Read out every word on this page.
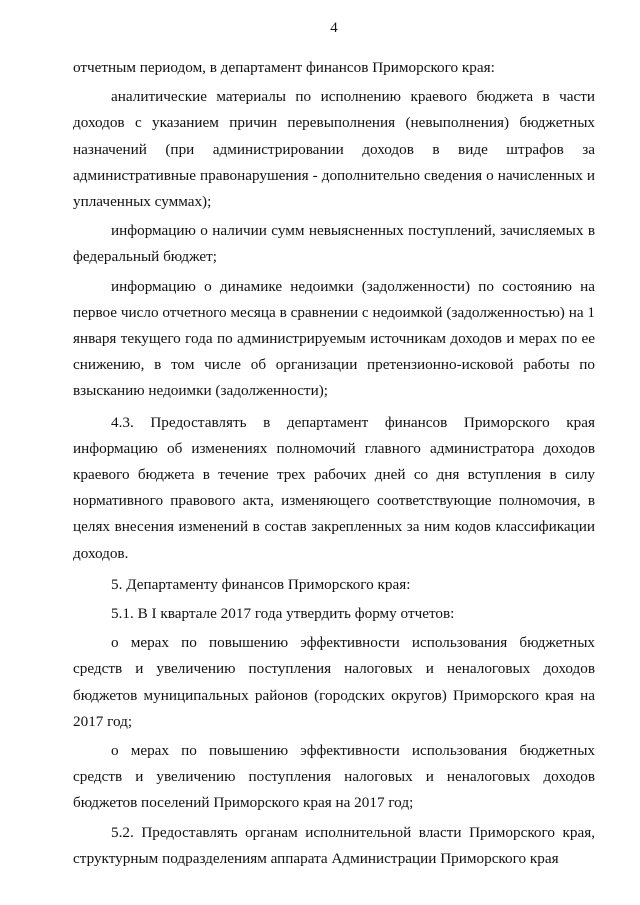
4

отчетным периодом, в департамент финансов Приморского края:

аналитические материалы по исполнению краевого бюджета в части доходов с указанием причин перевыполнения (невыполнения) бюджетных назначений (при администрировании доходов в виде штрафов за административные правонарушения - дополнительно сведения о начисленных и уплаченных суммах);

информацию о наличии сумм невыясненных поступлений, зачисляемых в федеральный бюджет;

информацию о динамике недоимки (задолженности) по состоянию на первое число отчетного месяца в сравнении с недоимкой (задолженностью) на 1 января текущего года по администрируемым источникам доходов и мерах по ее снижению, в том числе об организации претензионно-исковой работы по взысканию недоимки (задолженности);

4.3. Предоставлять в департамент финансов Приморского края информацию об изменениях полномочий главного администратора доходов краевого бюджета в течение трех рабочих дней со дня вступления в силу нормативного правового акта, изменяющего соответствующие полномочия, в целях внесения изменений в состав закрепленных за ним кодов классификации доходов.

5. Департаменту финансов Приморского края:

5.1. В I квартале 2017 года утвердить форму отчетов:

о мерах по повышению эффективности использования бюджетных средств и увеличению поступления налоговых и неналоговых доходов бюджетов муниципальных районов (городских округов) Приморского края на 2017 год;

о мерах по повышению эффективности использования бюджетных средств и увеличению поступления налоговых и неналоговых доходов бюджетов поселений Приморского края на 2017 год;

5.2. Предоставлять органам исполнительной власти Приморского края, структурным подразделениям аппарата Администрации Приморского края
